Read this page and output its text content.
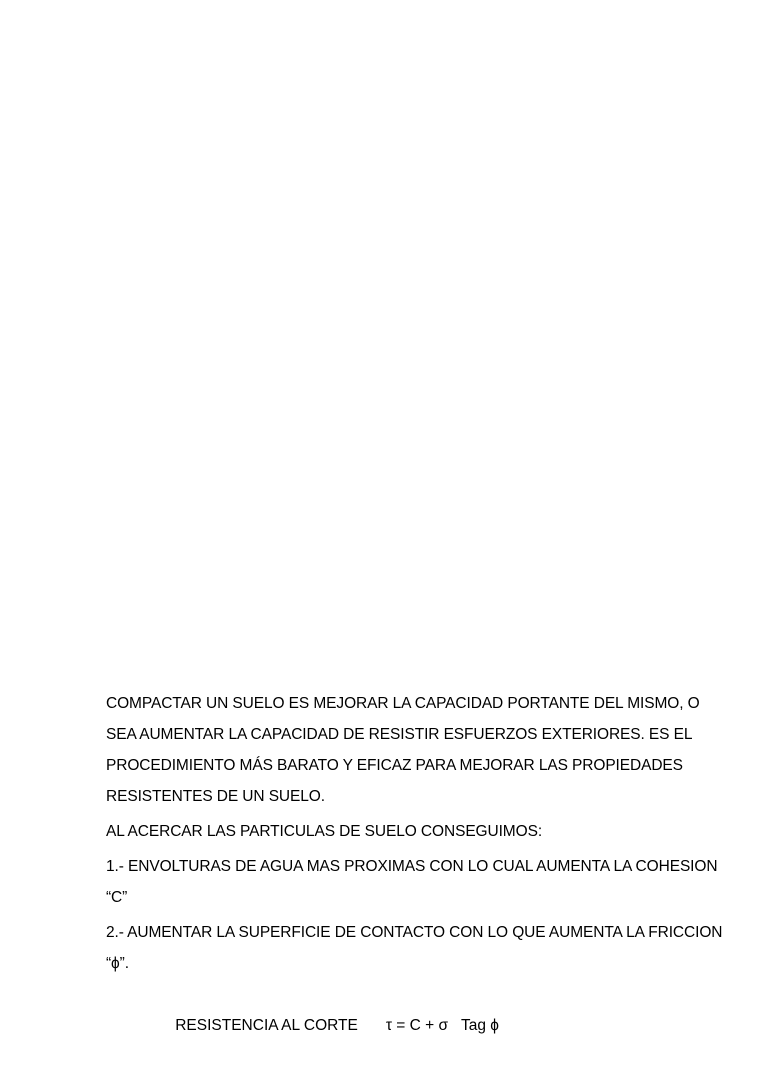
COMPACTAR UN SUELO ES MEJORAR LA CAPACIDAD PORTANTE DEL MISMO, O SEA AUMENTAR LA CAPACIDAD DE RESISTIR ESFUERZOS EXTERIORES. ES EL PROCEDIMIENTO MÁS BARATO Y EFICAZ PARA MEJORAR LAS PROPIEDADES RESISTENTES DE UN SUELO.

AL ACERCAR LAS PARTICULAS DE SUELO CONSEGUIMOS:

1.- ENVOLTURAS DE AGUA MAS PROXIMAS CON LO CUAL AUMENTA LA COHESION “C”

2.- AUMENTAR LA SUPERFICIE DE CONTACTO CON LO QUE AUMENTA LA FRICCION “ϕ”.

RESISTENCIA AL CORTE τ = C + σ   Tag ϕ
